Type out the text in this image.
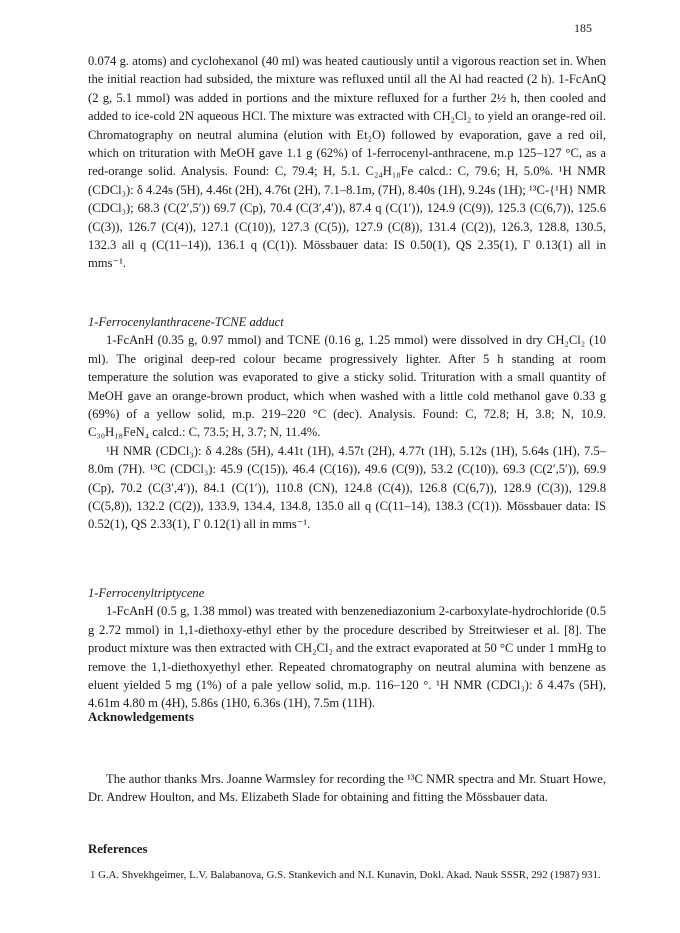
185

0.074 g. atoms) and cyclohexanol (40 ml) was heated cautiously until a vigorous reaction set in. When the initial reaction had subsided, the mixture was refluxed until all the Al had reacted (2 h). 1-FcAnQ (2 g, 5.1 mmol) was added in portions and the mixture refluxed for a further 2½ h, then cooled and added to ice-cold 2N aqueous HCl. The mixture was extracted with CH₂Cl₂ to yield an orange-red oil. Chromatography on neutral alumina (elution with Et₂O) followed by evaporation, gave a red oil, which on trituration with MeOH gave 1.1 g (62%) of 1-ferrocenyl-anthracene, m.p 125–127 °C, as a red-orange solid. Analysis. Found: C, 79.4; H, 5.1. C₂₄H₁₈Fe calcd.: C, 79.6; H, 5.0%. ¹H NMR (CDCl₃): δ 4.24s (5H), 4.46t (2H), 4.76t (2H), 7.1–8.1m, (7H), 8.40s (1H), 9.24s (1H); ¹³C-{¹H} NMR (CDCl₃); 68.3 (C(2′,5′)) 69.7 (Cp), 70.4 (C(3′,4′)), 87.4 q (C(1′)), 124.9 (C(9)), 125.3 (C(6,7)), 125.6 (C(3)), 126.7 (C(4)), 127.1 (C(10)), 127.3 (C(5)), 127.9 (C(8)), 131.4 (C(2)), 126.3, 128.8, 130.5, 132.3 all q (C(11–14)), 136.1 q (C(1)). Mössbauer data: IS 0.50(1), QS 2.35(1), Γ 0.13(1) all in mms⁻¹.

1-Ferrocenylanthracene-TCNE adduct

1-FcAnH (0.35 g, 0.97 mmol) and TCNE (0.16 g, 1.25 mmol) were dissolved in dry CH₂Cl₂ (10 ml). The original deep-red colour became progressively lighter. After 5 h standing at room temperature the solution was evaporated to give a sticky solid. Trituration with a small quantity of MeOH gave an orange-brown product, which when washed with a little cold methanol gave 0.33 g (69%) of a yellow solid, m.p. 219–220 °C (dec). Analysis. Found: C, 72.8; H, 3.8; N, 10.9. C₃₀H₁₈FeN₄ calcd.: C, 73.5; H, 3.7; N, 11.4%.

¹H NMR (CDCl₃): δ 4.28s (5H), 4.41t (1H), 4.57t (2H), 4.77t (1H), 5.12s (1H), 5.64s (1H), 7.5–8.0m (7H). ¹³C (CDCl₃): 45.9 (C(15)), 46.4 (C(16)), 49.6 (C(9)), 53.2 (C(10)), 69.3 (C(2′,5′)), 69.9 (Cp), 70.2 (C(3′,4′)), 84.1 (C(1′)), 110.8 (CN), 124.8 (C(4)), 126.8 (C(6,7)), 128.9 (C(3)), 129.8 (C(5,8)), 132.2 (C(2)), 133.9, 134.4, 134.8, 135.0 all q (C(11–14), 138.3 (C(1)). Mössbauer data: IS 0.52(1), QS 2.33(1), Γ 0.12(1) all in mms⁻¹.

1-Ferrocenyltriptycene

1-FcAnH (0.5 g, 1.38 mmol) was treated with benzenediazonium 2-carboxylate-hydrochloride (0.5 g 2.72 mmol) in 1,1-diethoxy-ethyl ether by the procedure described by Streitwieser et al. [8]. The product mixture was then extracted with CH₂Cl₂ and the extract evaporated at 50 °C under 1 mmHg to remove the 1,1-diethoxyethyl ether. Repeated chromatography on neutral alumina with benzene as eluent yielded 5 mg (1%) of a pale yellow solid, m.p. 116–120 °. ¹H NMR (CDCl₃): δ 4.47s (5H), 4.61m 4.80 m (4H), 5.86s (1H0, 6.36s (1H), 7.5m (11H).

Acknowledgements

The author thanks Mrs. Joanne Warmsley for recording the ¹³C NMR spectra and Mr. Stuart Howe, Dr. Andrew Houlton, and Ms. Elizabeth Slade for obtaining and fitting the Mössbauer data.

References

1 G.A. Shvekhgeimer, L.V. Balabanova, G.S. Stankevich and N.I. Kunavin, Dokl. Akad. Nauk SSSR, 292 (1987) 931.
